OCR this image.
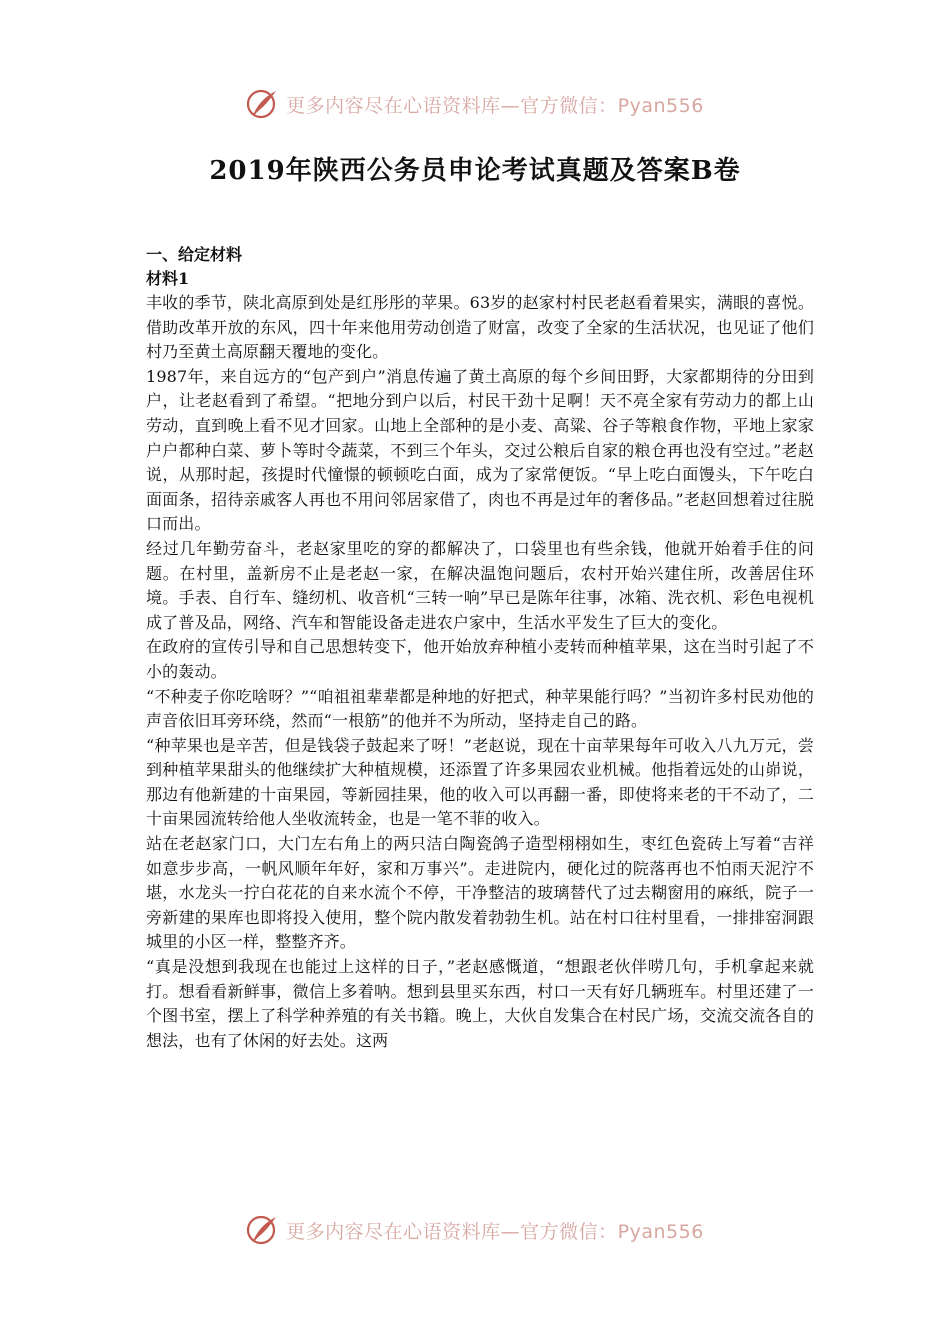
更多内容尽在心语资料库—官方微信：Pyan556
2019年陕西公务员申论考试真题及答案B卷

一、给定材料

材料1

丰收的季节，陕北高原到处是红彤彤的苹果。63岁的赵家村村民老赵看着果实，满眼的喜悦。借助改革开放的东风，四十年来他用劳动创造了财富，改变了全家的生活状况，也见证了他们村乃至黄土高原翻天覆地的变化。

1987年，来自远方的“包产到户”消息传遍了黄土高原的每个乡间田野，大家都期待的分田到户，让老赵看到了希望。“把地分到户以后，村民干劲十足啊！天不亮全家有劳动力的都上山劳动，直到晚上看不见才回家。山地上全部种的是小麦、高粱、谷子等粮食作物，平地上家家户户都种白菜、萝卜等时令蔬菜，不到三个年头，交过公粮后自家的粮仓再也没有空过。”老赵说，从那时起，孩提时代憧憬的顿顿吃白面，成为了家常便饭。“早上吃白面馒头，下午吃白面面条，招待亲戚客人再也不用问邻居家借了，肉也不再是过年的奢侈品。”老赵回想着过往脱口而出。

经过几年勤劳奋斗，老赵家里吃的穿的都解决了，口袋里也有些余钱，他就开始着手住的问题。在村里，盖新房不止是老赵一家，在解决温饱问题后，农村开始兴建住所，改善居住环境。手表、自行车、缝纫机、收音机“三转一响”早已是陈年往事，冰箱、洗衣机、彩色电视机成了普及品，网络、汽车和智能设备走进农户家中，生活水平发生了巨大的变化。

在政府的宣传引导和自己思想转变下，他开始放弃种植小麦转而种植苹果，这在当时引起了不小的轰动。

“不种麦子你吃啥呀？”“咱祖祖辈辈都是种地的好把式，种苹果能行吗？”当初许多村民劝他的声音依旧耳旁环绕，然而“一根筋”的他并不为所动，坚持走自己的路。

“种苹果也是辛苦，但是钱袋子鼓起来了呀！”老赵说，现在十亩苹果每年可收入八九万元，尝到种植苹果甜头的他继续扩大种植规模，还添置了许多果园农业机械。他指着远处的山峁说，那边有他新建的十亩果园，等新园挂果，他的收入可以再翻一番，即使将来老的干不动了，二十亩果园流转给他人坐收流转金，也是一笔不菲的收入。

站在老赵家门口，大门左右角上的两只洁白陶瓷鸽子造型栩栩如生，枣红色瓷砖上写着“吉祥如意步步高，一帆风顺年年好，家和万事兴”。走进院内，硬化过的院落再也不怕雨天泥泞不堪，水龙头一拧白花花的自来水流个不停，干净整洁的玻璃替代了过去糊窗用的麻纸，院子一旁新建的果库也即将投入使用，整个院内散发着勃勃生机。站在村口往村里看，一排排窑洞跟城里的小区一样，整整齐齐。

“真是没想到我现在也能过上这样的日子，”老赵感慨道，“想跟老伙伴唠几句，手机拿起来就打。想看看新鲜事，微信上多着呐。想到县里买东西，村口一天有好几辆班车。村里还建了一个图书室，摆上了科学种养殖的有关书籍。晚上，大伙自发集合在村民广场，交流交流各自的想法，也有了休闲的好去处。这两

更多内容尽在心语资料库—官方微信：Pyan556
